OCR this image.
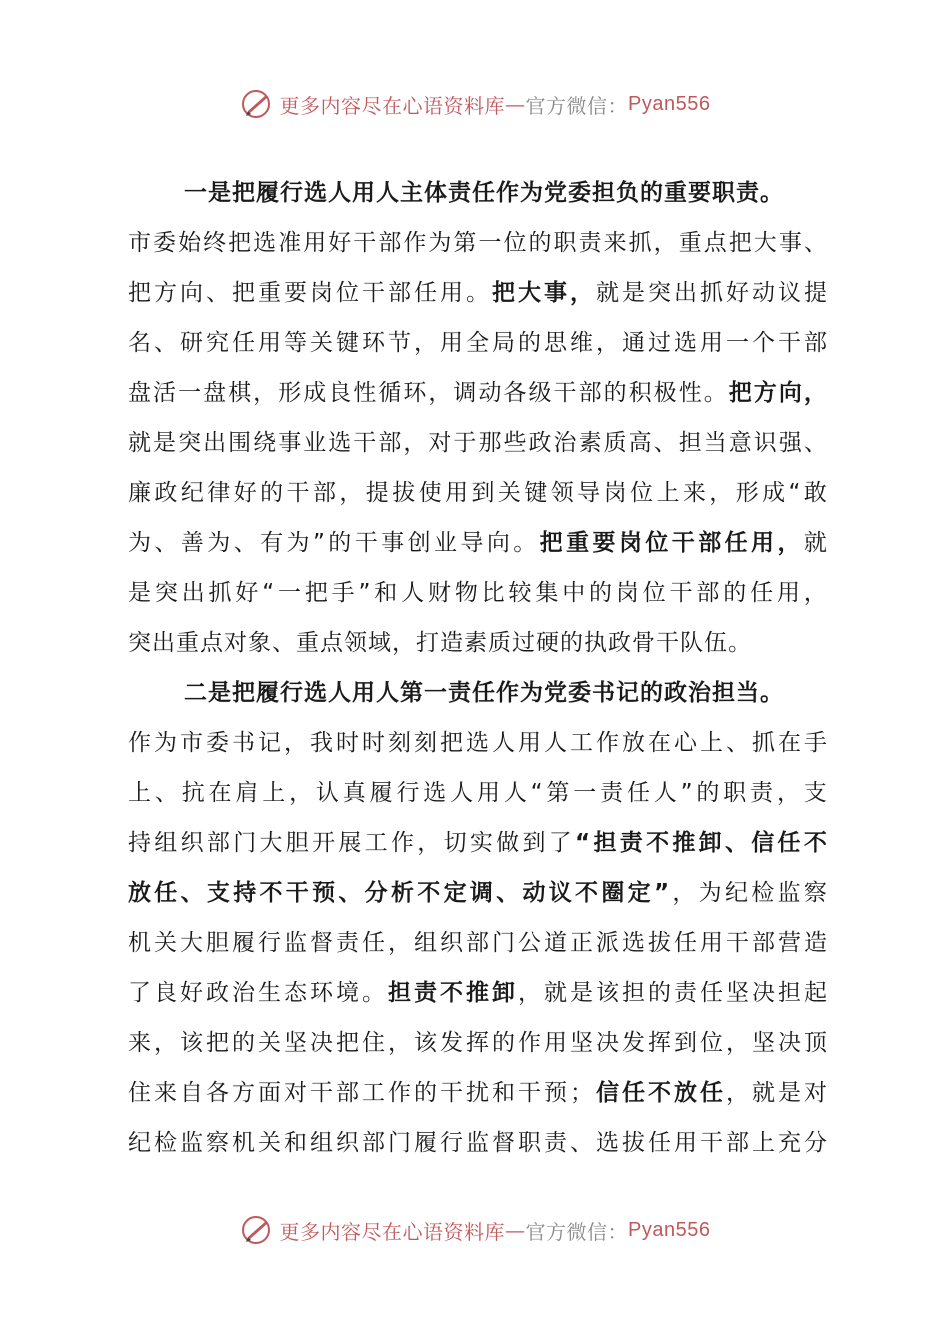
更多内容尽在心语资料库 — 官方微信： Pyan556
一是把履行选人用人主体责任作为党委担负的重要职责。
市 委 始 终 把 选 准 用 好 干 部 作 为 第 一 位 的 职 责 来 抓 ， 重 点 把 大 事 、
把 方 向 、 把 重 要 岗 位 干 部 任 用 。 把 大 事 ， 就 是 突 出 抓 好 动 议 提
名 、 研 究 任 用 等 关 键 环 节 ， 用 全 局 的 思 维 ， 通 过 选 用 一 个 干 部
盘 活 一 盘 棋 ， 形 成 良 性 循 环 ， 调 动 各 级 干 部 的 积 极 性 。 把 方 向 ，
就 是 突 出 围 绕 事 业 选 干 部 ， 对 于 那 些 政 治 素 质 高 、 担 当 意 识 强 、
廉 政 纪 律 好 的 干 部 ， 提 拔 使 用 到 关 键 领 导 岗 位 上 来 ， 形 成 “ 敢
为 、 善 为 、 有 为 ” 的 干 事 创 业 导 向 。 把 重 要 岗 位 干 部 任 用 ， 就
是 突 出 抓 好 “ 一 把 手 ” 和 人 财 物 比 较 集 中 的 岗 位 干 部 的 任 用 ，
突出重点对象、重点领域，打造素质过硬的执政骨干队伍。
二是把履行选人用人第一责任作为党委书记的政治担当。
作 为 市 委 书 记 ， 我 时 时 刻 刻 把 选 人 用 人 工 作 放 在 心 上 、 抓 在 手
上 、 抗 在 肩 上 ， 认 真 履 行 选 人 用 人 “ 第 一 责 任 人 ” 的 职 责 ， 支
持 组 织 部 门 大 胆 开 展 工 作 ， 切 实 做 到 了 “ 担 责 不 推 卸 、 信 任 不
放 任 、 支 持 不 干 预 、 分 析 不 定 调 、 动 议 不 圈 定 ” ， 为 纪 检 监 察
机 关 大 胆 履 行 监 督 责 任 ， 组 织 部 门 公 道 正 派 选 拔 任 用 干 部 营 造
了 良 好 政 治 生 态 环 境 。 担 责 不 推 卸 ， 就 是 该 担 的 责 任 坚 决 担 起
来 ， 该 把 的 关 坚 决 把 住 ， 该 发 挥 的 作 用 坚 决 发 挥 到 位 ， 坚 决 顶
住 来 自 各 方 面 对 干 部 工 作 的 干 扰 和 干 预 ； 信 任 不 放 任 ， 就 是 对
纪 检 监 察 机 关 和 组 织 部 门 履 行 监 督 职 责 、 选 拔 任 用 干 部 上 充 分
更多内容尽在心语资料库 — 官方微信： Pyan556
